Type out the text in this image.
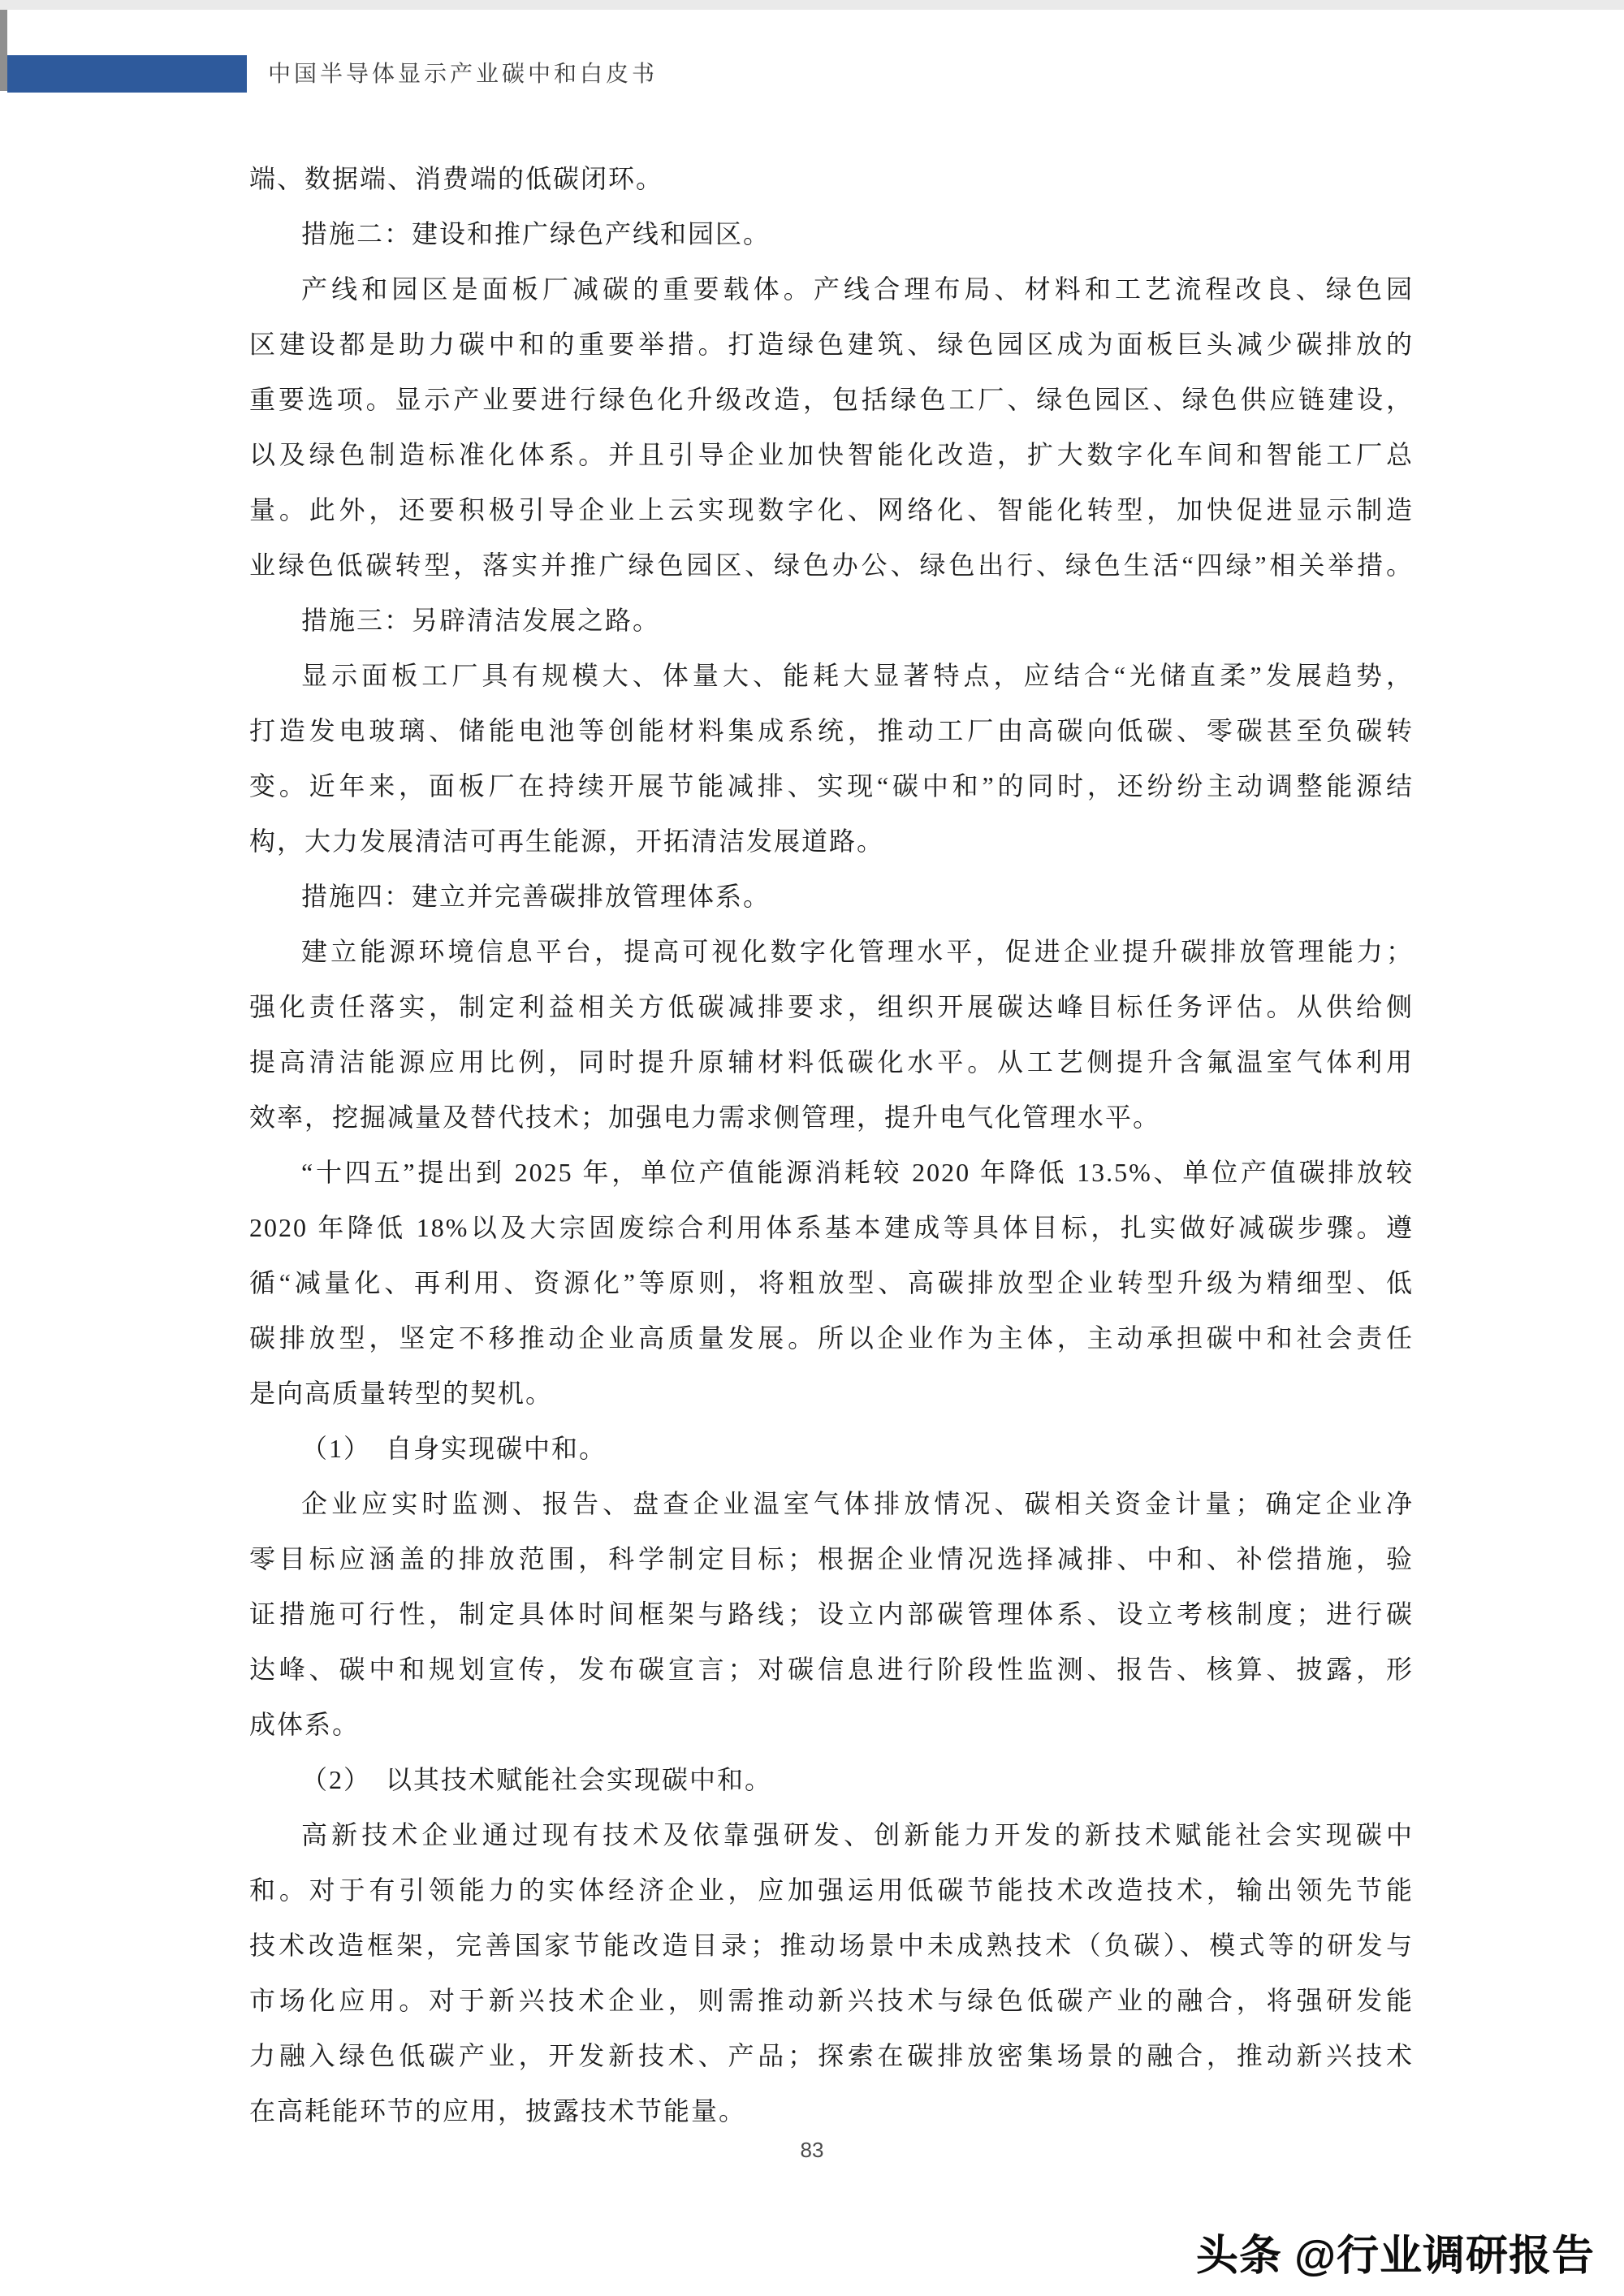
中国半导体显示产业碳中和白皮书
端、数据端、消费端的低碳闭环。
措施二：建设和推广绿色产线和园区。
产线和园区是面板厂减碳的重要载体。产线合理布局、材料和工艺流程改良、绿色园
区建设都是助力碳中和的重要举措。打造绿色建筑、绿色园区成为面板巨头减少碳排放的
重要选项。显示产业要进行绿色化升级改造，包括绿色工厂、绿色园区、绿色供应链建设，
以及绿色制造标准化体系。并且引导企业加快智能化改造，扩大数字化车间和智能工厂总
量。此外，还要积极引导企业上云实现数字化、网络化、智能化转型，加快促进显示制造
业绿色低碳转型，落实并推广绿色园区、绿色办公、绿色出行、绿色生活“四绿”相关举措。
措施三：另辟清洁发展之路。
显示面板工厂具有规模大、体量大、能耗大显著特点，应结合“光储直柔”发展趋势，
打造发电玻璃、储能电池等创能材料集成系统，推动工厂由高碳向低碳、零碳甚至负碳转
变。近年来，面板厂在持续开展节能减排、实现“碳中和”的同时，还纷纷主动调整能源结
构，大力发展清洁可再生能源，开拓清洁发展道路。
措施四：建立并完善碳排放管理体系。
建立能源环境信息平台，提高可视化数字化管理水平，促进企业提升碳排放管理能力；
强化责任落实，制定利益相关方低碳减排要求，组织开展碳达峰目标任务评估。从供给侧
提高清洁能源应用比例，同时提升原辅材料低碳化水平。从工艺侧提升含氟温室气体利用
效率，挖掘减量及替代技术；加强电力需求侧管理，提升电气化管理水平。
“十四五”提出到 2025 年，单位产值能源消耗较 2020 年降低 13.5%、单位产值碳排放较
2020 年降低 18%以及大宗固废综合利用体系基本建成等具体目标，扎实做好减碳步骤。遵
循“减量化、再利用、资源化”等原则，将粗放型、高碳排放型企业转型升级为精细型、低
碳排放型，坚定不移推动企业高质量发展。所以企业作为主体，主动承担碳中和社会责任
是向高质量转型的契机。
（1）　自身实现碳中和。
企业应实时监测、报告、盘查企业温室气体排放情况、碳相关资金计量；确定企业净
零目标应涵盖的排放范围，科学制定目标；根据企业情况选择减排、中和、补偿措施，验
证措施可行性，制定具体时间框架与路线；设立内部碳管理体系、设立考核制度；进行碳
达峰、碳中和规划宣传，发布碳宣言；对碳信息进行阶段性监测、报告、核算、披露，形
成体系。
（2）　以其技术赋能社会实现碳中和。
高新技术企业通过现有技术及依靠强研发、创新能力开发的新技术赋能社会实现碳中
和。对于有引领能力的实体经济企业，应加强运用低碳节能技术改造技术，输出领先节能
技术改造框架，完善国家节能改造目录；推动场景中未成熟技术（负碳）、模式等的研发与
市场化应用。对于新兴技术企业，则需推动新兴技术与绿色低碳产业的融合，将强研发能
力融入绿色低碳产业，开发新技术、产品；探索在碳排放密集场景的融合，推动新兴技术
在高耗能环节的应用，披露技术节能量。
83
头条 @行业调研报告
